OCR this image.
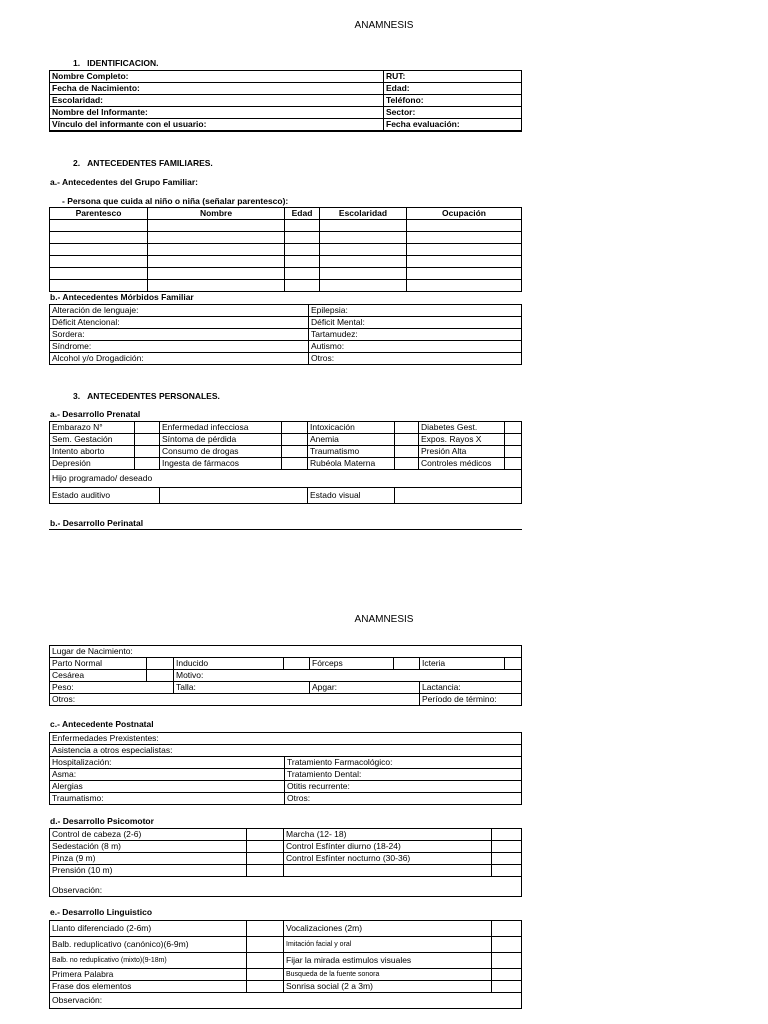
ANAMNESIS
1.   IDENTIFICACION.
Nombre Completo:	RUT:
Fecha de Nacimiento:	Edad:
Escolaridad:	Teléfono:
Nombre del Informante:	Sector:
Vínculo del informante con el usuario:	Fecha evaluación:
2.   ANTECEDENTES FAMILIARES.
a.- Antecedentes del Grupo Familiar:
- Persona que cuida al niño o niña (señalar parentesco):
Parentesco	Nombre	Edad	Escolaridad	Ocupación

b.- Antecedentes Mórbidos Familiar
Alteración de lenguaje:	Epilepsia:
Déficit Atencional:	Déficit Mental:
Sordera:	Tartamudez:
Síndrome:	Autismo:
Alcohol y/o Drogadición:	Otros:
3.   ANTECEDENTES PERSONALES.
a.- Desarrollo Prenatal
Embarazo N°		Enfermedad infecciosa		Intoxicación		Diabetes Gest.	
Sem. Gestación		Síntoma de pérdida		Anemia		Expos. Rayos X	
Intento aborto		Consumo de drogas		Traumatismo		Presión Alta	
Depresión		Ingesta de fármacos		Rubéola Materna		Controles médicos	
Hijo programado/ deseado							
Estado auditivo				Estado visual			
b.- Desarrollo Perinatal
ANAMNESIS
Lugar de Nacimiento:							
Parto Normal		Inducido		Fórceps		Icteria	
Cesárea		Motivo:					
Peso:		Talla:		Apgar:		Lactancia:	
Otros:						Período de término:	
c.- Antecedente Postnatal
Enfermedades Prexistentes:	
Asistencia a otros especialistas:	
Hospitalización:	Tratamiento Farmacológico:
Asma:	Tratamiento Dental:
Alergias	Otitis recurrente:
Traumatismo:	Otros:
d.- Desarrollo Psicomotor
Control de cabeza (2-6)		Marcha (12- 18)	
Sedestación (8 m)		Control Esfínter diurno (18-24)	
Pinza (9 m)		Control Esfínter nocturno (30-36)	
Prensión (10 m)			
Observación:			
e.- Desarrollo Linguistico
Llanto diferenciado (2-6m)		Vocalizaciones (2m)	
Balb. reduplicativo (canónico)(6-9m)		Imitación facial y oral	
Balb. no reduplicativo (mixto)(9-18m)		Fijar la mirada estimulos visuales	
Primera Palabra		Busqueda de la fuente sonora	
Frase dos elementos		Sonrisa social (2 a 3m)	
Observación:			
